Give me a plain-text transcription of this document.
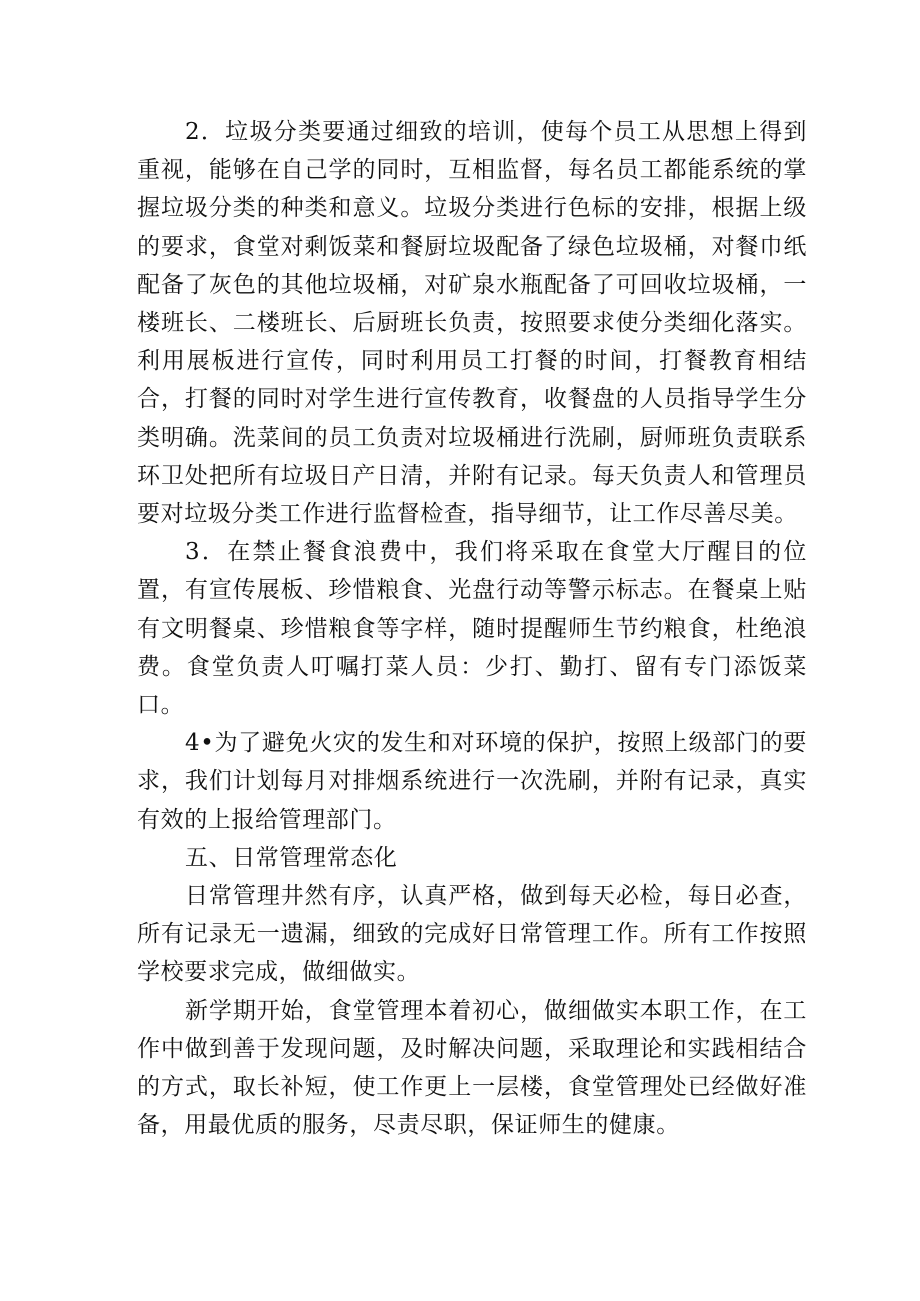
2．垃圾分类要通过细致的培训，使每个员工从思想上得到重视，能够在自己学的同时，互相监督，每名员工都能系统的掌握垃圾分类的种类和意义。垃圾分类进行色标的安排，根据上级的要求，食堂对剩饭菜和餐厨垃圾配备了绿色垃圾桶，对餐巾纸配备了灰色的其他垃圾桶，对矿泉水瓶配备了可回收垃圾桶，一楼班长、二楼班长、后厨班长负责，按照要求使分类细化落实。利用展板进行宣传，同时利用员工打餐的时间，打餐教育相结合，打餐的同时对学生进行宣传教育，收餐盘的人员指导学生分类明确。洗菜间的员工负责对垃圾桶进行洗刷，厨师班负责联系环卫处把所有垃圾日产日清，并附有记录。每天负责人和管理员要对垃圾分类工作进行监督检查，指导细节，让工作尽善尽美。

3．在禁止餐食浪费中，我们将采取在食堂大厅醒目的位置，有宣传展板、珍惜粮食、光盘行动等警示标志。在餐桌上贴有文明餐桌、珍惜粮食等字样，随时提醒师生节约粮食，杜绝浪费。食堂负责人叮嘱打菜人员：少打、勤打、留有专门添饭菜口。

4•为了避免火灾的发生和对环境的保护，按照上级部门的要求，我们计划每月对排烟系统进行一次洗刷，并附有记录，真实有效的上报给管理部门。

五、日常管理常态化

日常管理井然有序，认真严格，做到每天必检，每日必查，所有记录无一遗漏，细致的完成好日常管理工作。所有工作按照学校要求完成，做细做实。

新学期开始，食堂管理本着初心，做细做实本职工作，在工作中做到善于发现问题，及时解决问题，采取理论和实践相结合的方式，取长补短，使工作更上一层楼，食堂管理处已经做好准备，用最优质的服务，尽责尽职，保证师生的健康。
